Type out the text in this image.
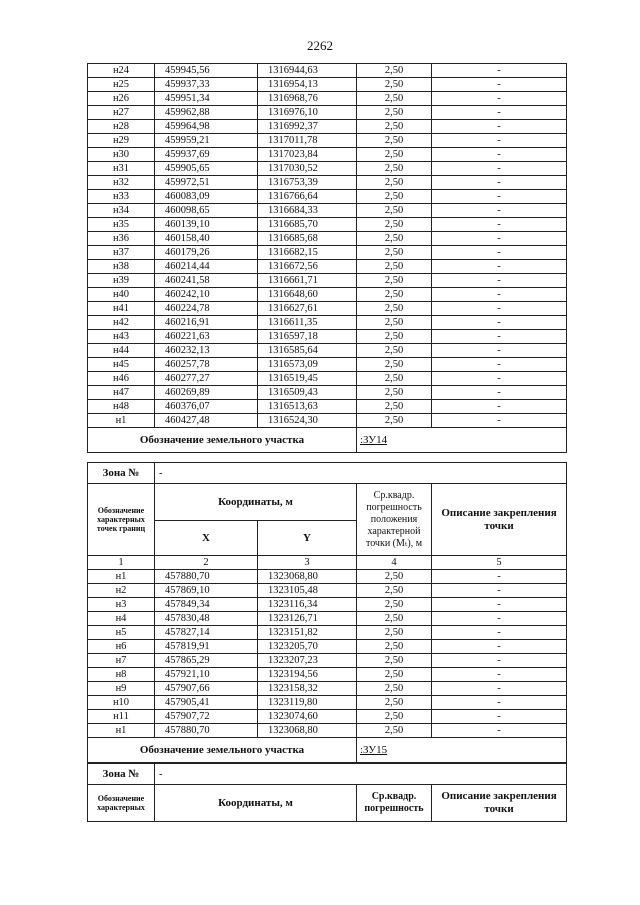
2262
н24	459945,56	1316944,63	2,50	-
н25	459937,33	1316954,13	2,50	-
н26	459951,34	1316968,76	2,50	-
н27	459962,88	1316976,10	2,50	-
н28	459964,98	1316992,37	2,50	-
н29	459959,21	1317011,78	2,50	-
н30	459937,69	1317023,84	2,50	-
н31	459905,65	1317030,52	2,50	-
н32	459972,51	1316753,39	2,50	-
н33	460083,09	1316766,64	2,50	-
н34	460098,65	1316684,33	2,50	-
н35	460139,10	1316685,70	2,50	-
н36	460158,40	1316685,68	2,50	-
н37	460179,26	1316682,15	2,50	-
н38	460214,44	1316672,56	2,50	-
н39	460241,58	1316661,71	2,50	-
н40	460242,10	1316648,60	2,50	-
н41	460224,78	1316627,61	2,50	-
н42	460216,91	1316611,35	2,50	-
н43	460221,63	1316597,18	2,50	-
н44	460232,13	1316585,64	2,50	-
н45	460257,78	1316573,09	2,50	-
н46	460277,27	1316519,45	2,50	-
н47	460269,89	1316509,43	2,50	-
н48	460376,07	1316513,63	2,50	-
н1	460427,48	1316524,30	2,50	-
Обозначение земельного участка			:ЗУ14	
Зона №	-			
Обозначение характерных точек границ	Координаты, м		Ср.квадр. погрешность положения характерной точки (Mₜ), м	Описание закрепления точки
	X	Y		
1	2	3	4	5
н1	457880,70	1323068,80	2,50	-
н2	457869,10	1323105,48	2,50	-
н3	457849,34	1323116,34	2,50	-
н4	457830,48	1323126,71	2,50	-
н5	457827,14	1323151,82	2,50	-
н6	457819,91	1323205,70	2,50	-
н7	457865,29	1323207,23	2,50	-
н8	457921,10	1323194,56	2,50	-
н9	457907,66	1323158,32	2,50	-
н10	457905,41	1323119,80	2,50	-
н11	457907,72	1323074,60	2,50	-
н1	457880,70	1323068,80	2,50	-
Обозначение земельного участка			:ЗУ15	
Зона №	-		
Обозначение характерных	Координаты, м	Ср.квадр. погрешность	Описание закрепления точки
